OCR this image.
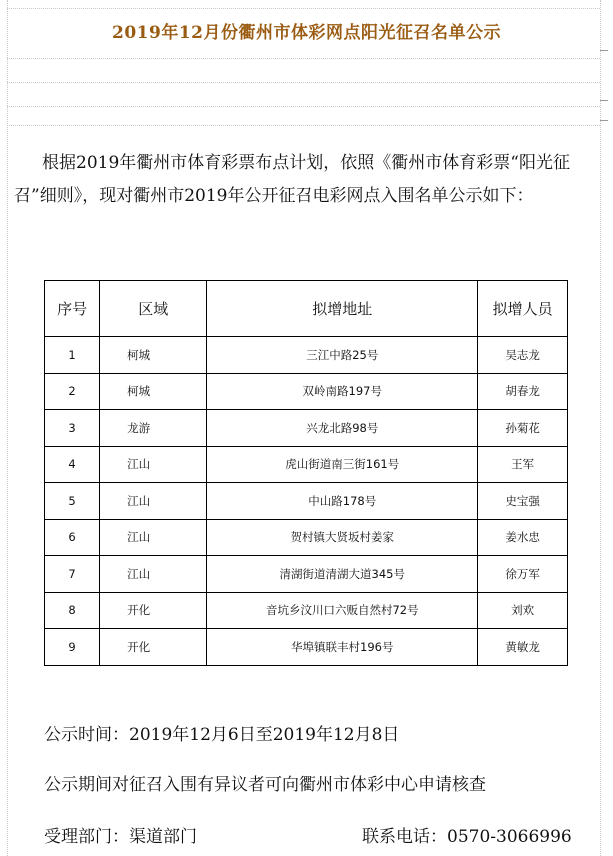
2019年12月份衢州市体彩网点阳光征召名单公示

根据2019年衢州市体育彩票布点计划，依照《衢州市体育彩票“阳光征召”细则》，现对衢州市2019年公开征召电彩网点入围名单公示如下：

序号	区域	拟增地址	拟增人员
1	柯城	三江中路25号	吴志龙
2	柯城	双岭南路197号	胡春龙
3	龙游	兴龙北路98号	孙菊花
4	江山	虎山街道南三街161号	王军
5	江山	中山路178号	史宝强
6	江山	贺村镇大贤坂村姜家	姜水忠
7	江山	清湖街道清湖大道345号	徐万军
8	开化	音坑乡汶川口六贩自然村72号	刘欢
9	开化	华埠镇联丰村196号	黄敏龙
公示时间：2019年12月6日至2019年12月8日
公示期间对征召入围有异议者可向衢州市体彩中心申请核查
受理部门：渠道部门	联系电话：0570-3066996
